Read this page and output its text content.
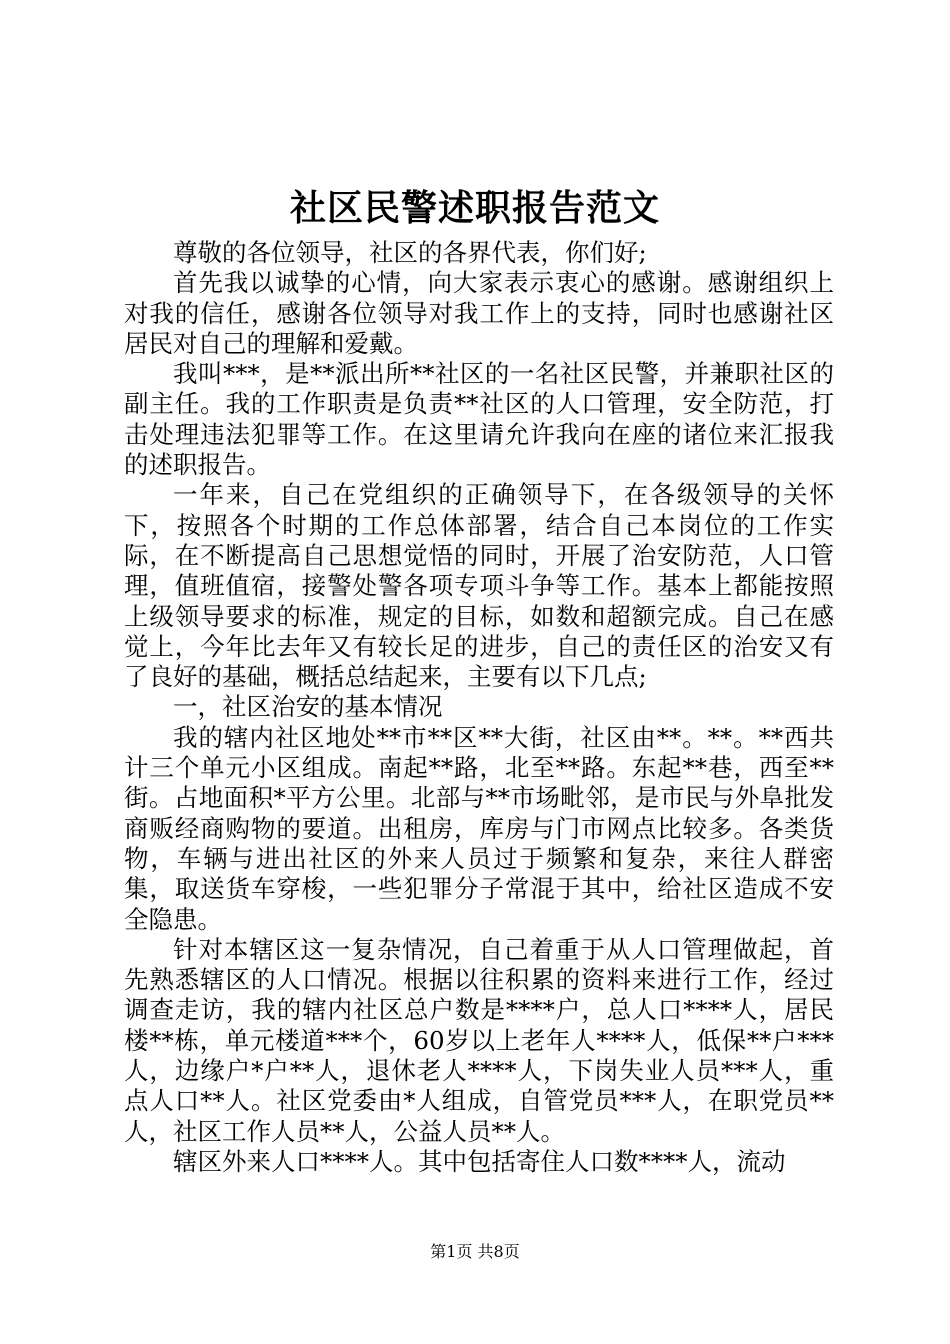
社区民警述职报告范文

尊敬的各位领导，社区的各界代表，你们好;

首先我以诚挚的心情，向大家表示衷心的感谢。感谢组织上对我的信任，感谢各位领导对我工作上的支持，同时也感谢社区居民对自己的理解和爱戴。

我叫***，是**派出所**社区的一名社区民警，并兼职社区的副主任。我的工作职责是负责**社区的人口管理，安全防范，打击处理违法犯罪等工作。在这里请允许我向在座的诸位来汇报我的述职报告。

一年来，自己在党组织的正确领导下，在各级领导的关怀下，按照各个时期的工作总体部署，结合自己本岗位的工作实际，在不断提高自己思想觉悟的同时，开展了治安防范，人口管理，值班值宿，接警处警各项专项斗争等工作。基本上都能按照上级领导要求的标准，规定的目标，如数和超额完成。自己在感觉上，今年比去年又有较长足的进步，自己的责任区的治安又有了良好的基础，概括总结起来，主要有以下几点;

一，社区治安的基本情况

我的辖内社区地处**市**区**大街，社区由**。**。**西共计三个单元小区组成。南起**路，北至**路。东起**巷，西至**街。占地面积*平方公里。北部与**市场毗邻，是市民与外阜批发商贩经商购物的要道。出租房，库房与门市网点比较多。各类货物，车辆与进出社区的外来人员过于频繁和复杂，来往人群密集，取送货车穿梭，一些犯罪分子常混于其中，给社区造成不安全隐患。

针对本辖区这一复杂情况，自己着重于从人口管理做起，首先熟悉辖区的人口情况。根据以往积累的资料来进行工作，经过调查走访，我的辖内社区总户数是****户，总人口****人，居民楼**栋，单元楼道***个，60岁以上老年人****人，低保**户***人，边缘户*户**人，退休老人****人，下岗失业人员***人，重点人口**人。社区党委由*人组成，自管党员***人，在职党员**人，社区工作人员**人，公益人员**人。

辖区外来人口****人。其中包括寄住人口数****人，流动

第1页 共8页
